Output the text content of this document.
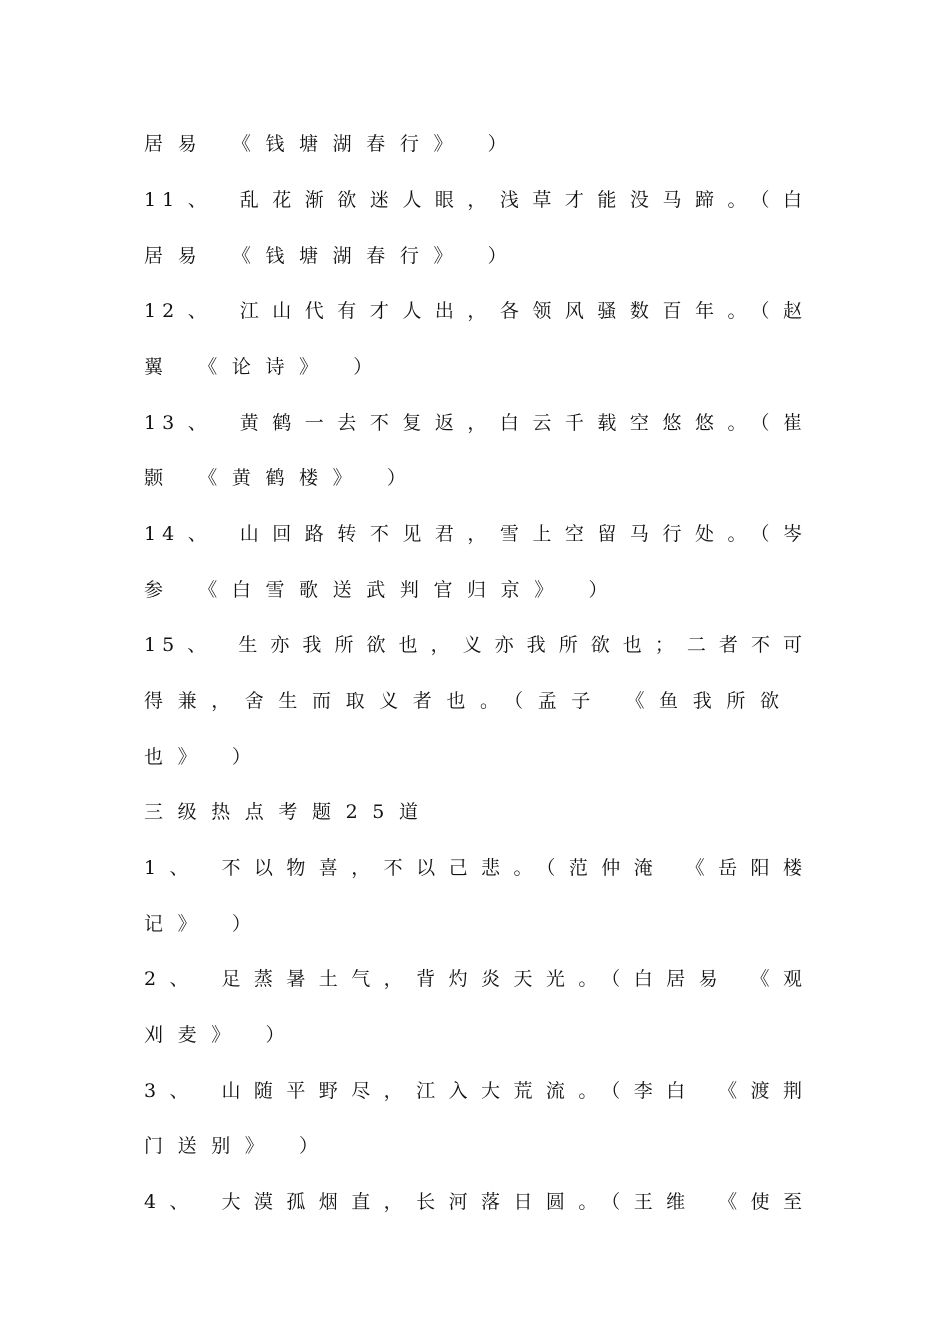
居易 《钱塘湖春行》 ）
11、 乱花渐欲迷人眼，浅草才能没马蹄。（白
居易 《钱塘湖春行》 ）
12、 江山代有才人出，各领风骚数百年。（赵
翼 《论诗》 ）
13、 黄鹤一去不复返，白云千载空悠悠。（崔
颢 《黄鹤楼》 ）
14、 山回路转不见君，雪上空留马行处。（岑
参 《白雪歌送武判官归京》 ）
15、 生亦我所欲也，义亦我所欲也；二者不可
得兼，舍生而取义者也。（孟子 《鱼我所欲
也》 ）
三级热点考题25道
1、 不以物喜，不以己悲。（范仲淹 《岳阳楼
记》 ）
2、 足蒸暑土气，背灼炎天光。（白居易 《观
刈麦》 ）
3、 山随平野尽，江入大荒流。（李白 《渡荆
门送别》 ）
4、 大漠孤烟直，长河落日圆。（王维 《使至
